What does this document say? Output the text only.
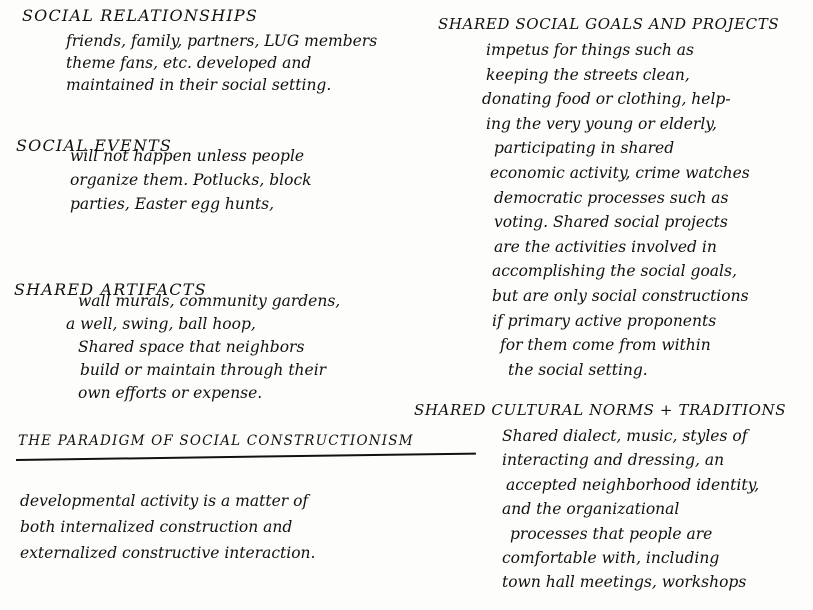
SOCIAL RELATIONSHIPS
friends, family, partners, LUG members
theme fans, etc. developed and
maintained in their social setting.
SOCIAL EVENTS
will not happen unless people
organize them. Potlucks, block
parties, Easter egg hunts,
SHARED ARTIFACTS
wall murals, community gardens,
a well, swing, ball hoop,
Shared space that neighbors
build or maintain through their
own efforts or expense.
THE PARADIGM OF SOCIAL CONSTRUCTIONISM
developmental activity is a matter of
both internalized construction and
externalized constructive interaction.
SHARED SOCIAL GOALS AND PROJECTS
impetus for things such as
keeping the streets clean,
donating food or clothing, help-
ing the very young or elderly,
participating in shared
economic activity, crime watches
democratic processes such as
voting. Shared social projects
are the activities involved in
accomplishing the social goals,
but are only social constructions
if primary active proponents
for them come from within
the social setting.
SHARED CULTURAL NORMS + TRADITIONS
Shared dialect, music, styles of
interacting and dressing, an
accepted neighborhood identity,
and the organizational
processes that people are
comfortable with, including
town hall meetings, workshops
